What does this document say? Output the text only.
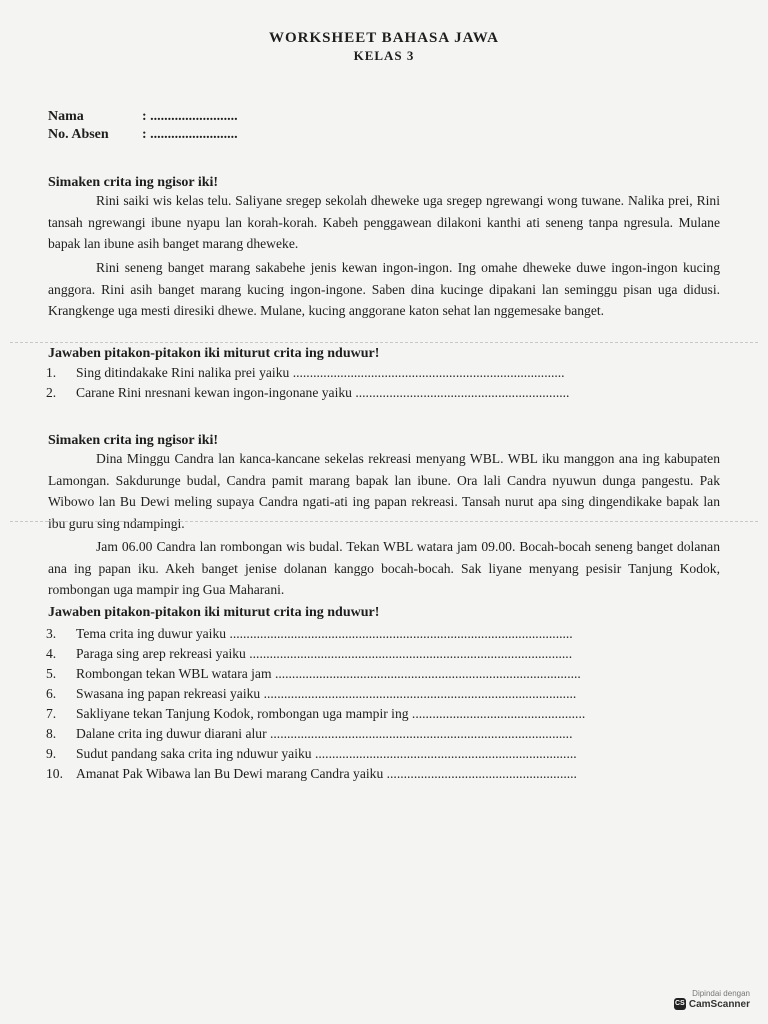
WORKSHEET BAHASA JAWA
KELAS 3
Nama	: .........................
No. Absen : .........................
Simaken crita ing ngisor iki!
Rini saiki wis kelas telu. Saliyane sregep sekolah dheweke uga sregep ngrewangi wong tuwane. Nalika prei, Rini tansah ngrewangi ibune nyapu lan korah-korah. Kabeh penggawean dilakoni kanthi ati seneng tanpa ngresula. Mulane bapak lan ibune asih banget marang dheweke.
Rini seneng banget marang sakabehe jenis kewan ingon-ingon. Ing omahe dheweke duwe ingon-ingon kucing anggora. Rini asih banget marang kucing ingon-ingone. Saben dina kucinge dipakani lan seminggu pisan uga didusi. Krangkenge uga mesti diresiki dhewe. Mulane, kucing anggorane katon sehat lan nggemesake banget.
Jawaben pitakon-pitakon iki miturut crita ing nduwur!
1. Sing ditindakake Rini nalika prei yaiku ................................................................................
2. Carane Rini nresnani kewan ingon-ingonane yaiku ...............................................................
Simaken crita ing ngisor iki!
Dina Minggu Candra lan kanca-kancane sekelas rekreasi menyang WBL. WBL iku manggon ana ing kabupaten Lamongan. Sakdurunge budal, Candra pamit marang bapak lan ibune. Ora lali Candra nyuwun dunga pangestu. Pak Wibowo lan Bu Dewi meling supaya Candra ngati-ati ing papan rekreasi. Tansah nurut apa sing dingendikake bapak lan ibu guru sing ndampingi.
Jam 06.00 Candra lan rombongan wis budal. Tekan WBL watara jam 09.00. Bocah-bocah seneng banget dolanan ana ing papan iku. Akeh banget jenise dolanan kanggo bocah-bocah. Sak liyane menyang pesisir Tanjung Kodok, rombongan uga mampir ing Gua Maharani.
Jawaben pitakon-pitakon iki miturut crita ing nduwur!
3. Tema crita ing duwur yaiku .....................................................................................................
4. Paraga sing arep rekreasi yaiku ...............................................................................................
5. Rombongan tekan WBL watara jam ..........................................................................................
6. Swasana ing papan rekreasi yaiku ............................................................................................
7. Sakliyane tekan Tanjung Kodok, rombongan uga mampir ing ...................................................
8. Dalane crita ing duwur diarani alur .........................................................................................
9. Sudut pandang saka crita ing nduwur yaiku .............................................................................
10. Amanat Pak Wibawa lan Bu Dewi marang Candra yaiku ........................................................
Dipindai dengan
CS CamScanner
